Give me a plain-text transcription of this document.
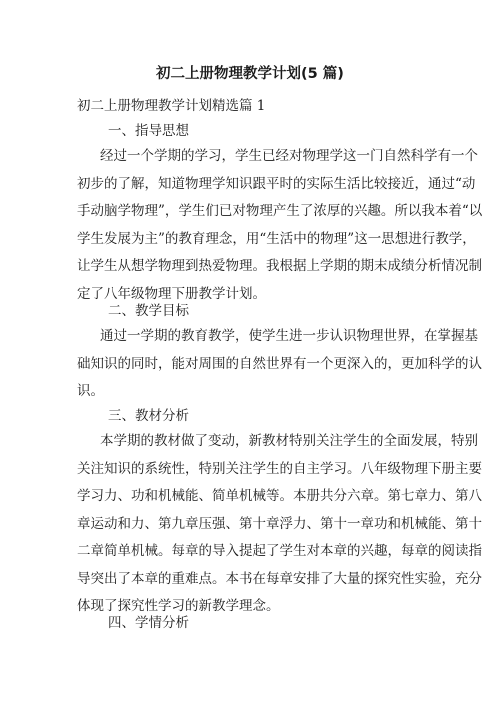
初二上册物理教学计划(5 篇)
初二上册物理教学计划精选篇 1
一、指导思想
经过一个学期的学习，学生已经对物理学这一门自然科学有一个
初步的了解，知道物理学知识跟平时的实际生活比较接近，通过“动
手动脑学物理”，学生们已对物理产生了浓厚的兴趣。所以我本着“以
学生发展为主”的教育理念，用“生活中的物理”这一思想进行教学，
让学生从想学物理到热爱物理。我根据上学期的期末成绩分析情况制
定了八年级物理下册教学计划。
二、教学目标
通过一学期的教育教学，使学生进一步认识物理世界，在掌握基
础知识的同时，能对周围的自然世界有一个更深入的，更加科学的认
识。
三、教材分析
本学期的教材做了变动，新教材特别关注学生的全面发展，特别
关注知识的系统性，特别关注学生的自主学习。八年级物理下册主要
学习力、功和机械能、简单机械等。本册共分六章。第七章力、第八
章运动和力、第九章压强、第十章浮力、第十一章功和机械能、第十
二章简单机械。每章的导入提起了学生对本章的兴趣，每章的阅读指
导突出了本章的重难点。本书在每章安排了大量的探究性实验，充分
体现了探究性学习的新教学理念。
四、学情分析
